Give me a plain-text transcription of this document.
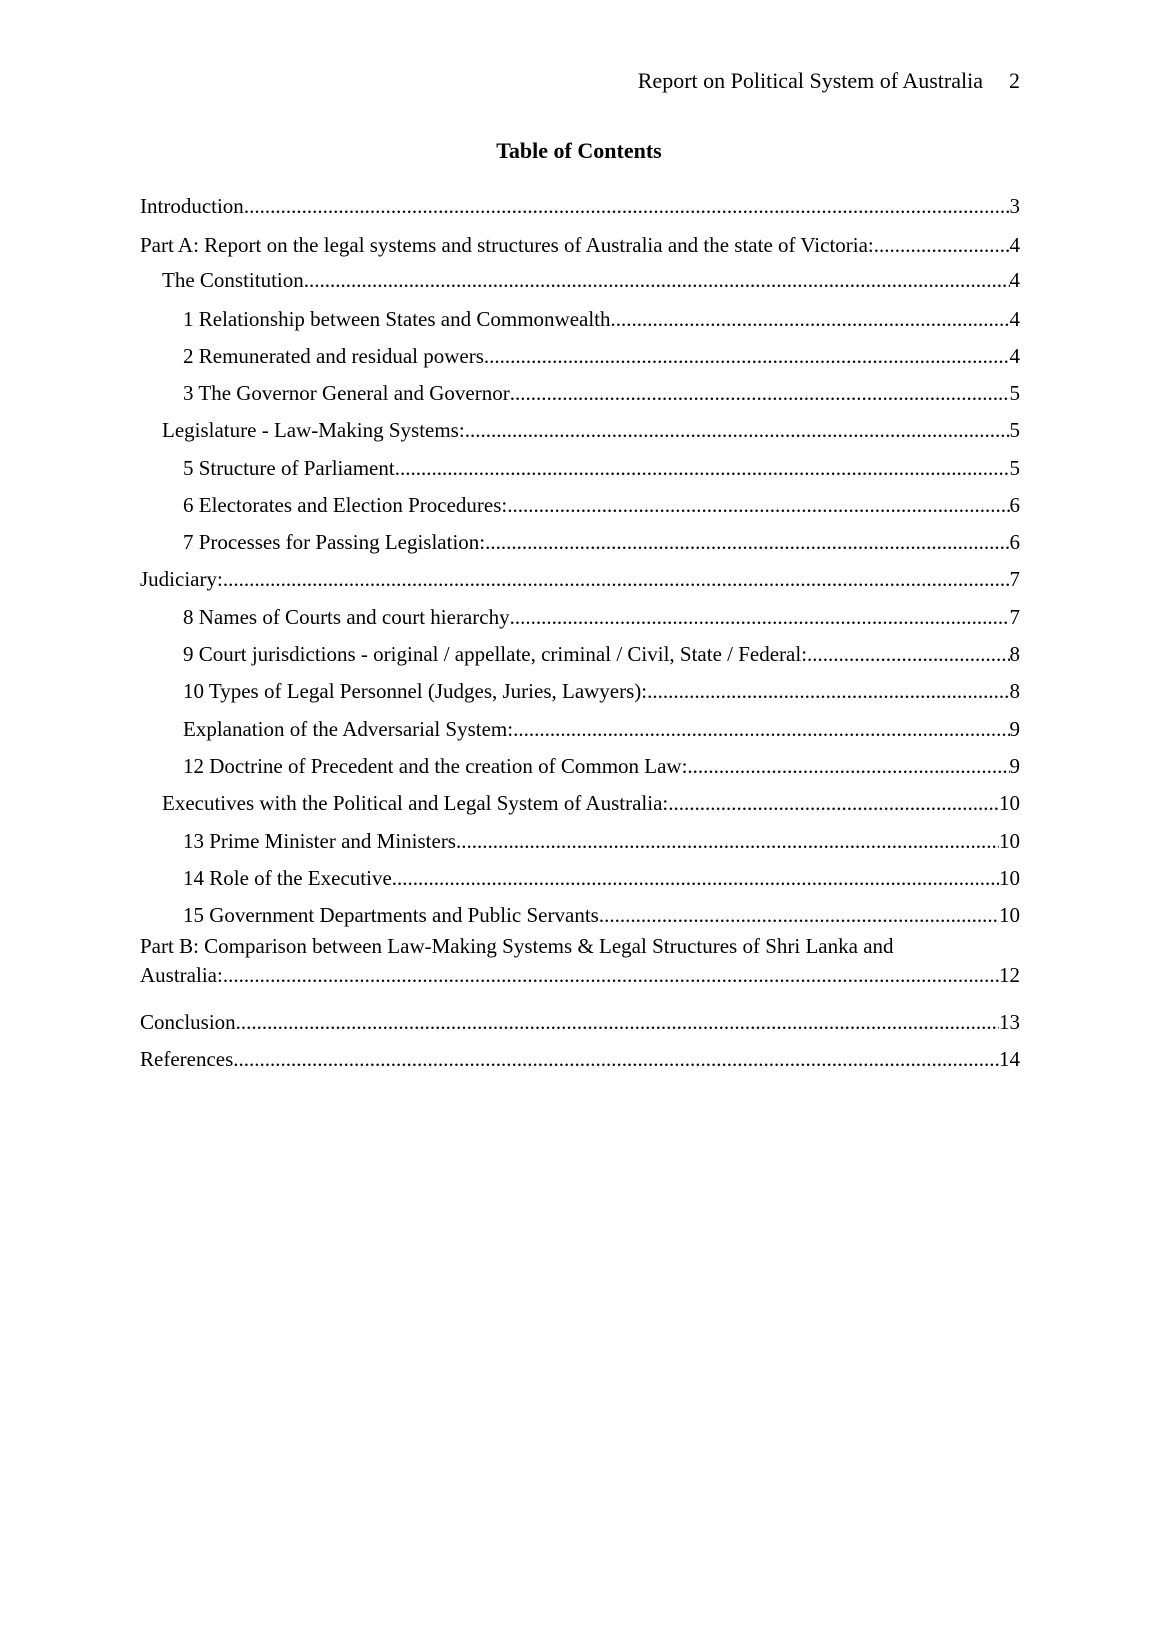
Report on Political System of Australia 2
Table of Contents
Introduction .....	3
Part A: Report on the legal systems and structures of Australia and the state of Victoria: .....	4
The Constitution .....	4
1 Relationship between States and Commonwealth .....	4
2 Remunerated and residual powers .....	4
3 The Governor General and Governor .....	5
Legislature - Law-Making Systems: .....	5
5 Structure of Parliament .....	5
6 Electorates and Election Procedures: .....	6
7 Processes for Passing Legislation: .....	6
Judiciary: .....	7
8 Names of Courts and court hierarchy .....	7
9 Court jurisdictions - original / appellate, criminal / Civil, State / Federal: .....	8
10 Types of Legal Personnel (Judges, Juries, Lawyers): .....	8
Explanation of the Adversarial System: .....	9
12 Doctrine of Precedent and the creation of Common Law: .....	9
Executives with the Political and Legal System of Australia: .....	10
13 Prime Minister and Ministers .....	10
14 Role of the Executive .....	10
15 Government Departments and Public Servants .....	10
Part B: Comparison between Law-Making Systems & Legal Structures of Shri Lanka and
Australia: .....	12
Conclusion .....	13
References .....	14
